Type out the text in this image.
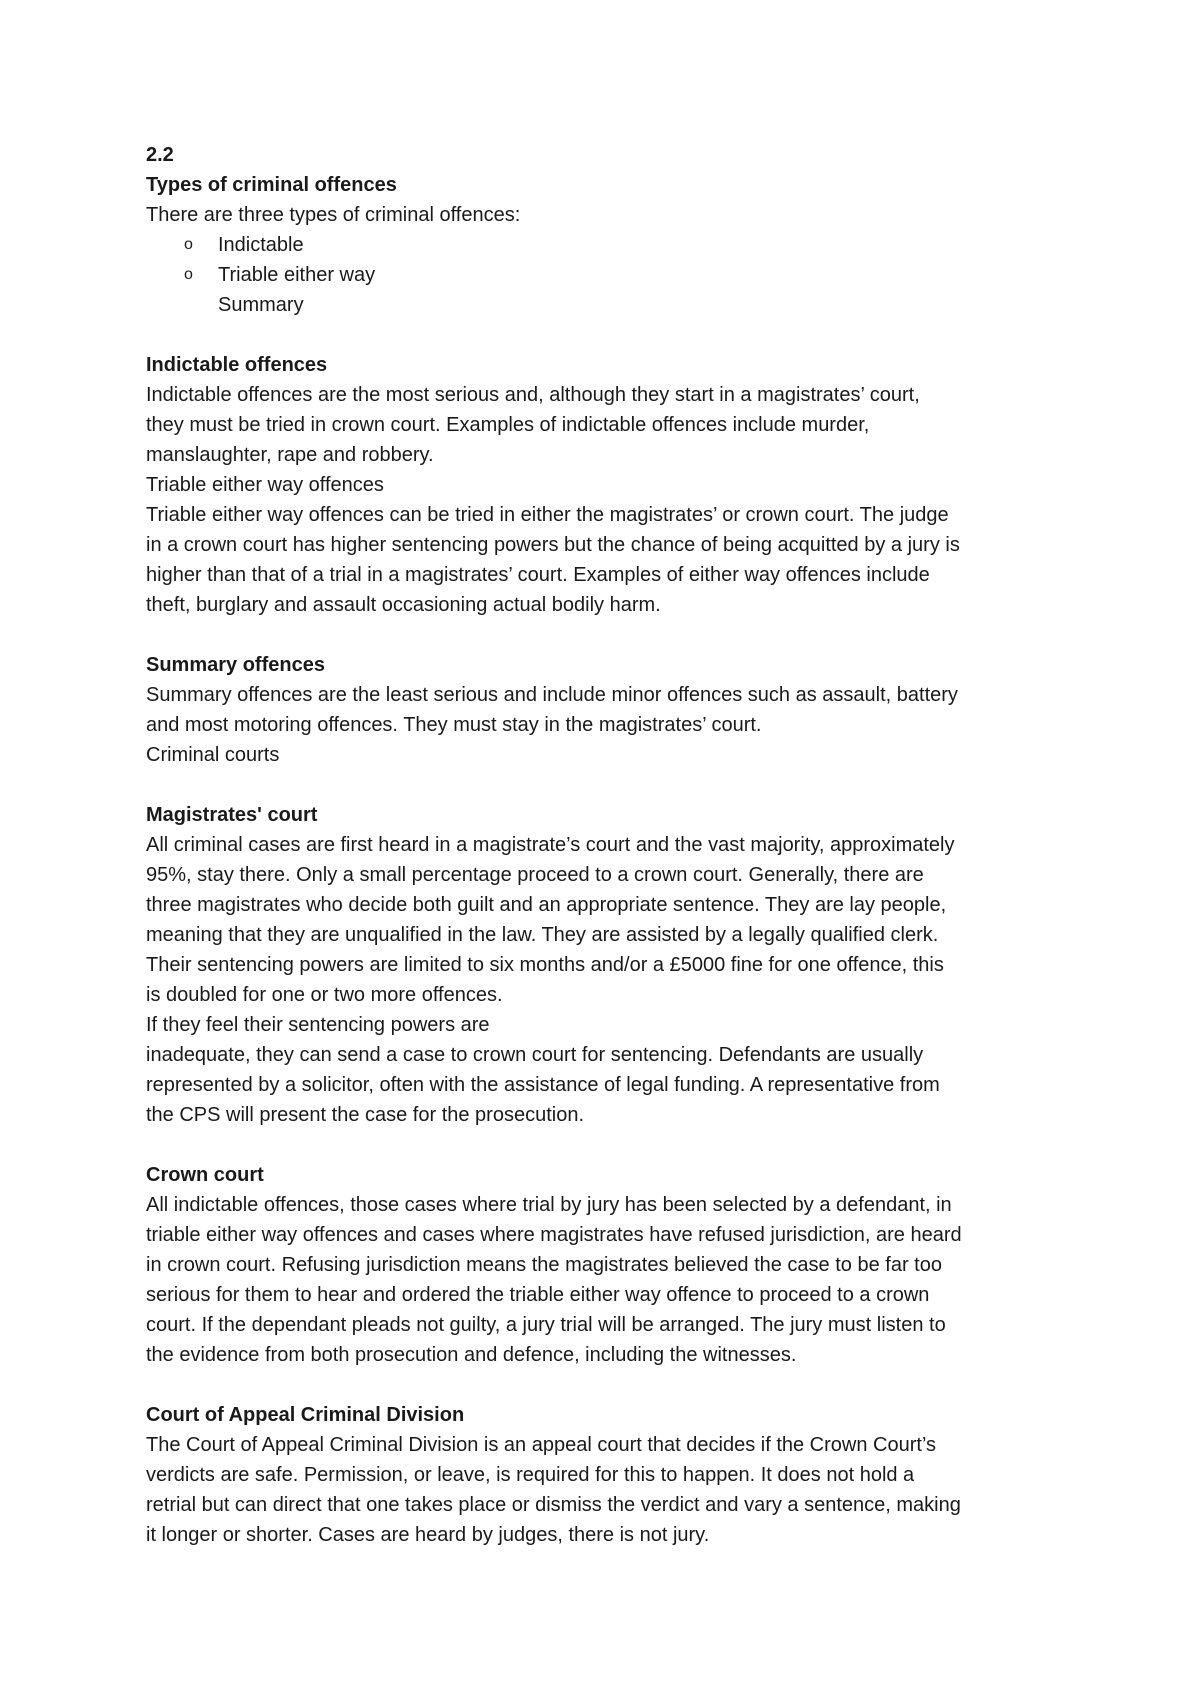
2.2
Types of criminal offences
There are three types of criminal offences:
o Indictable
o Triable either way
Summary
Indictable offences
Indictable offences are the most serious and, although they start in a magistrates’ court,
they must be tried in crown court. Examples of indictable offences include murder,
manslaughter, rape and robbery.
Triable either way offences
Triable either way offences can be tried in either the magistrates’ or crown court. The judge
in a crown court has higher sentencing powers but the chance of being acquitted by a jury is
higher than that of a trial in a magistrates’ court. Examples of either way offences include
theft, burglary and assault occasioning actual bodily harm.
Summary offences
Summary offences are the least serious and include minor offences such as assault, battery
and most motoring offences. They must stay in the magistrates’ court.
Criminal courts
Magistrates' court
All criminal cases are first heard in a magistrate’s court and the vast majority, approximately
95%, stay there. Only a small percentage proceed to a crown court. Generally, there are
three magistrates who decide both guilt and an appropriate sentence. They are lay people,
meaning that they are unqualified in the law. They are assisted by a legally qualified clerk.
Their sentencing powers are limited to six months and/or a £5000 fine for one offence, this
is doubled for one or two more offences.
If they feel their sentencing powers are
inadequate, they can send a case to crown court for sentencing. Defendants are usually
represented by a solicitor, often with the assistance of legal funding. A representative from
the CPS will present the case for the prosecution.
Crown court
All indictable offences, those cases where trial by jury has been selected by a defendant, in
triable either way offences and cases where magistrates have refused jurisdiction, are heard
in crown court. Refusing jurisdiction means the magistrates believed the case to be far too
serious for them to hear and ordered the triable either way offence to proceed to a crown
court. If the dependant pleads not guilty, a jury trial will be arranged. The jury must listen to
the evidence from both prosecution and defence, including the witnesses.
Court of Appeal Criminal Division
The Court of Appeal Criminal Division is an appeal court that decides if the Crown Court’s
verdicts are safe. Permission, or leave, is required for this to happen. It does not hold a
retrial but can direct that one takes place or dismiss the verdict and vary a sentence, making
it longer or shorter. Cases are heard by judges, there is not jury.
